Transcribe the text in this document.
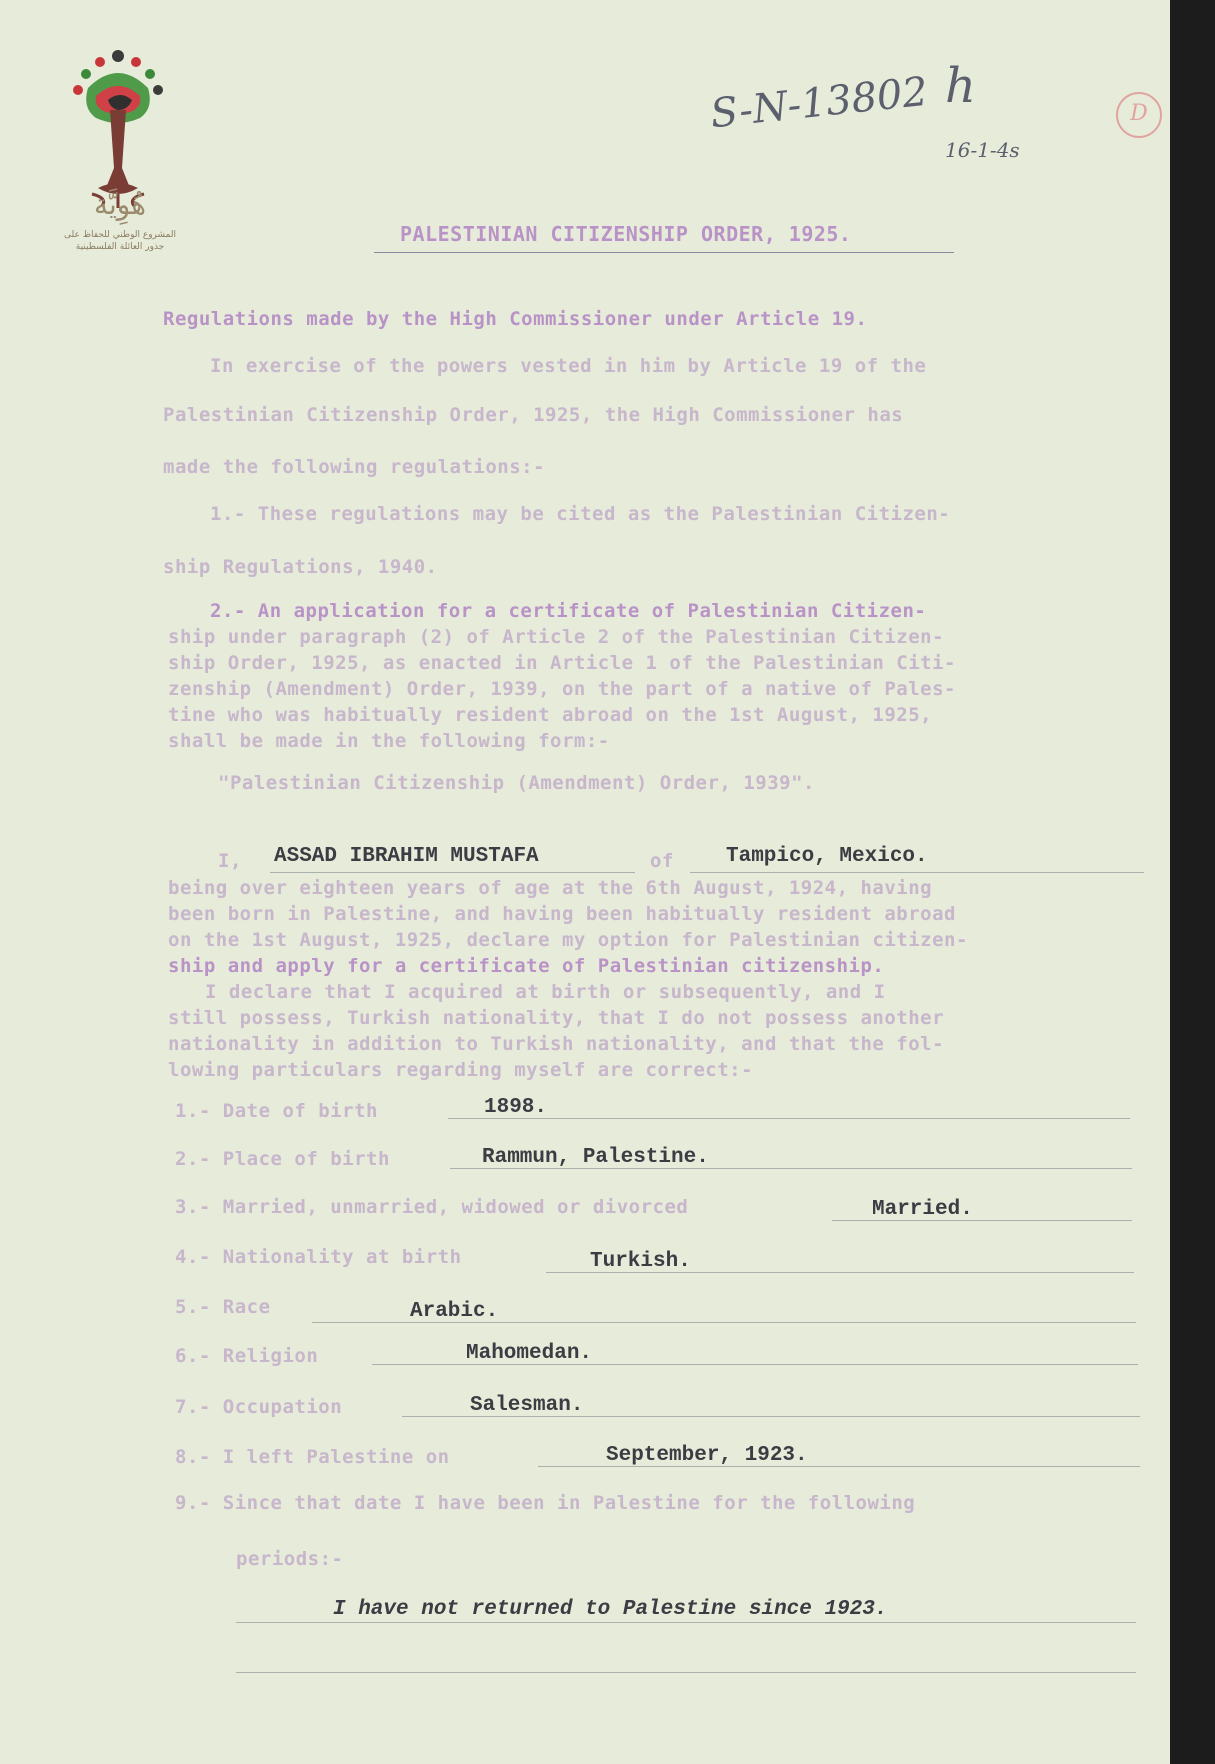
هُوِيَّة
المشروع الوطني للحفاظ على
جذور العائلة الفلسطينية
S-N-13802 h
16-1-4s
D
PALESTINIAN CITIZENSHIP ORDER, 1925.
Regulations made by the High Commissioner under Article 19.
In exercise of the powers vested in him by Article 19 of the
Palestinian Citizenship Order, 1925, the High Commissioner has
made the following regulations:-
1.- These regulations may be cited as the Palestinian Citizen-
ship Regulations, 1940.
2.- An application for a certificate of Palestinian Citizen-
ship under paragraph (2) of Article 2 of the Palestinian Citizen-
ship Order, 1925, as enacted in Article 1 of the Palestinian Citi-
zenship (Amendment) Order, 1939, on the part of a native of Pales-
tine who was habitually resident abroad on the 1st August, 1925,
shall be made in the following form:-
"Palestinian Citizenship (Amendment) Order, 1939".
I, ASSAD IBRAHIM MUSTAFA	of Tampico, Mexico.
being over eighteen years of age at the 6th August, 1924, having
been born in Palestine, and having been habitually resident abroad
on the 1st August, 1925, declare my option for Palestinian citizen-
ship and apply for a certificate of Palestinian citizenship.
I declare that I acquired at birth or subsequently, and I
still possess, Turkish nationality, that I do not possess another
nationality in addition to Turkish nationality, and that the fol-
lowing particulars regarding myself are correct:-
1.- Date of birth	1898.
2.- Place of birth	Rammun, Palestine.
3.- Married, unmarried, widowed or divorced	Married.
4.- Nationality at birth	Turkish.
5.- Race	Arabic.
6.- Religion	Mahomedan.
7.- Occupation	Salesman.
8.- I left Palestine on	September, 1923.
9.- Since that date I have been in Palestine for the following
periods:-
I have not returned to Palestine since 1923.
